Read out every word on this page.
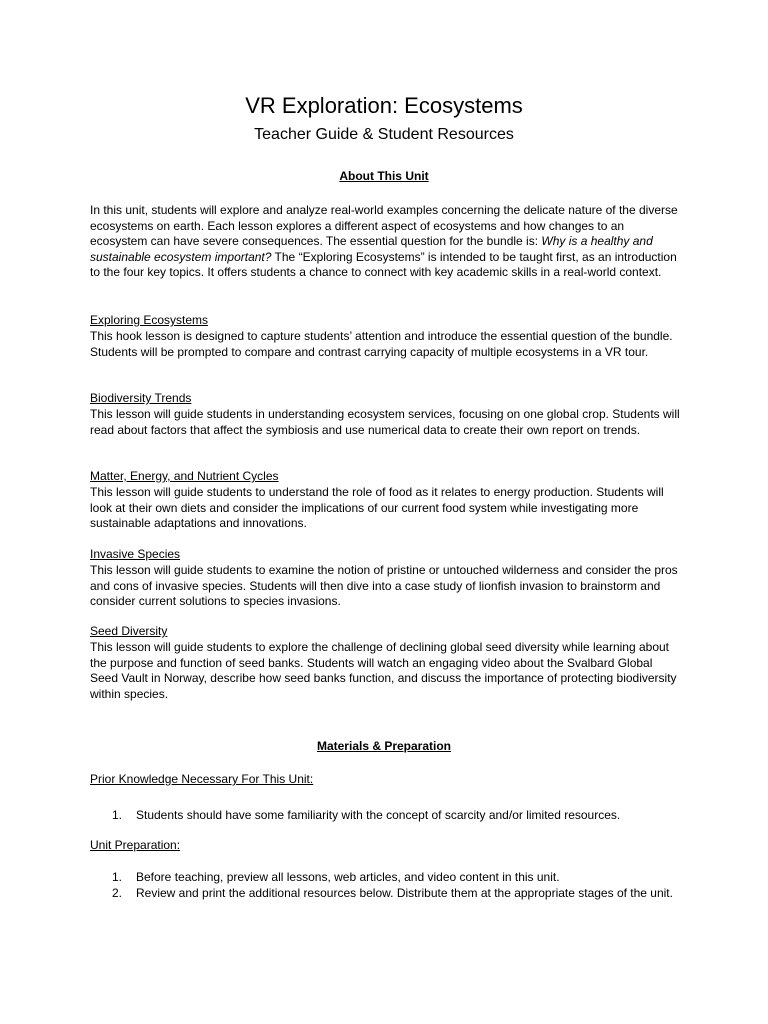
VR Exploration: Ecosystems
Teacher Guide & Student Resources
About This Unit
In this unit, students will explore and analyze real-world examples concerning the delicate nature of the diverse ecosystems on earth. Each lesson explores a different aspect of ecosystems and how changes to an ecosystem can have severe consequences. The essential question for the bundle is: Why is a healthy and sustainable ecosystem important? The “Exploring Ecosystems” is intended to be taught first, as an introduction to the four key topics. It offers students a chance to connect with key academic skills in a real-world context.
Exploring Ecosystems
This hook lesson is designed to capture students’ attention and introduce the essential question of the bundle. Students will be prompted to compare and contrast carrying capacity of multiple ecosystems in a VR tour.
Biodiversity Trends
This lesson will guide students in understanding ecosystem services, focusing on one global crop. Students will read about factors that affect the symbiosis and use numerical data to create their own report on trends.
Matter, Energy, and Nutrient Cycles
This lesson will guide students to understand the role of food as it relates to energy production. Students will look at their own diets and consider the implications of our current food system while investigating more sustainable adaptations and innovations.
Invasive Species
This lesson will guide students to examine the notion of pristine or untouched wilderness and consider the pros and cons of invasive species. Students will then dive into a case study of lionfish invasion to brainstorm and consider current solutions to species invasions.
Seed Diversity
This lesson will guide students to explore the challenge of declining global seed diversity while learning about the purpose and function of seed banks. Students will watch an engaging video about the Svalbard Global Seed Vault in Norway, describe how seed banks function, and discuss the importance of protecting biodiversity within species.
Materials & Preparation
Prior Knowledge Necessary For This Unit:
1. Students should have some familiarity with the concept of scarcity and/or limited resources.
Unit Preparation:
1. Before teaching, preview all lessons, web articles, and video content in this unit.
2. Review and print the additional resources below. Distribute them at the appropriate stages of the unit.
